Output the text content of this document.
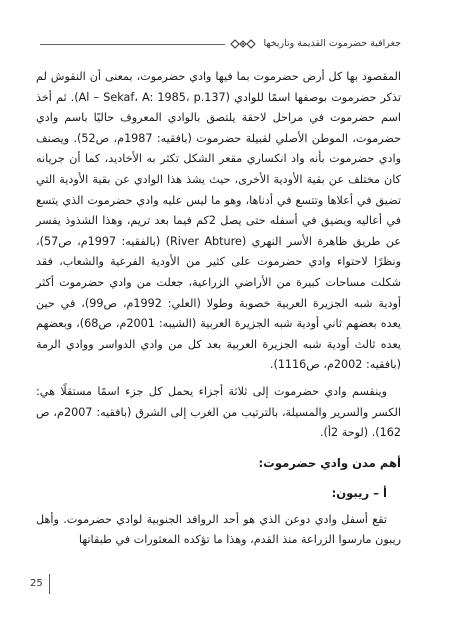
جغرافية حضرموت القديمة وتاريخها

المقصود بها كل أرض حضرموت بما فيها وادي حضرموت، بمعنى أن النقوش لم تذكر حضرموت بوصفها اسمًا للوادي (Al – Sekaf، A: 1985، p.137). ثم أخذ اسم حضرموت في مراحل لاحقة يلتصق بالوادي المعروف حاليًا باسم وادي حضرموت، الموطن الأصلي لقبيلة حضرموت (بافقيه: 1987م، ص52). ويصنف وادي حضرموت بأنه واد انكساري مقعر الشكل تكثر به الأخاديد، كما أن جريانه كان مختلف عن بقية الأودية الأخرى، حيث يشذ هذا الوادي عن بقية الأودية التي تضيق في أعلاها وتتسع في أدناها، وهو ما ليس عليه وادي حضرموت الذي يتسع في أعاليه ويضيق في أسفله حتى يصل 2كم فيما بعد تريم، وهذا الشذوذ يفسر عن طريق ظاهرة الأسر النهري (River Abture) (بالفقيه: 1997م، ص57)، ونظرًا لاحتواء وادي حضرموت على كثير من الأودية الفرعية والشعاب، فقد شكلت مساحات كبيرة من الأراضي الزراعية، جعلت من وادي حضرموت أكثر أودية شبه الجزيرة العربية خصوبة وطولا (العلي: 1992م، ص99)، في حين يعده بعضهم ثاني أودية شبه الجزيرة العربية (الشيبه: 2001م، ص68)، وبعضهم يعده ثالث أودية شبه الجزيرة العربية بعد كل من وادي الدواسر ووادي الرمة (بافقيه: 2002م، ص1116).

وينقسم وادي حضرموت إلى ثلاثة أجزاء يحمل كل جزء اسمًا مستقلًا هي: الكسر والسرير والمسيلة، بالترتيب من الغرب إلى الشرق (بافقيه: 2007م، ص 162). (لوحة 2أ).

أهم مدن وادي حضرموت:
أ – ريبون:

تقع أسفل وادي دوعن الذي هو أحد الروافد الجنوبية لوادي حضرموت. وأهل ريبون مارسوا الزراعة منذ القدم، وهذا ما تؤكده المعثورات في طبقاتها

25
